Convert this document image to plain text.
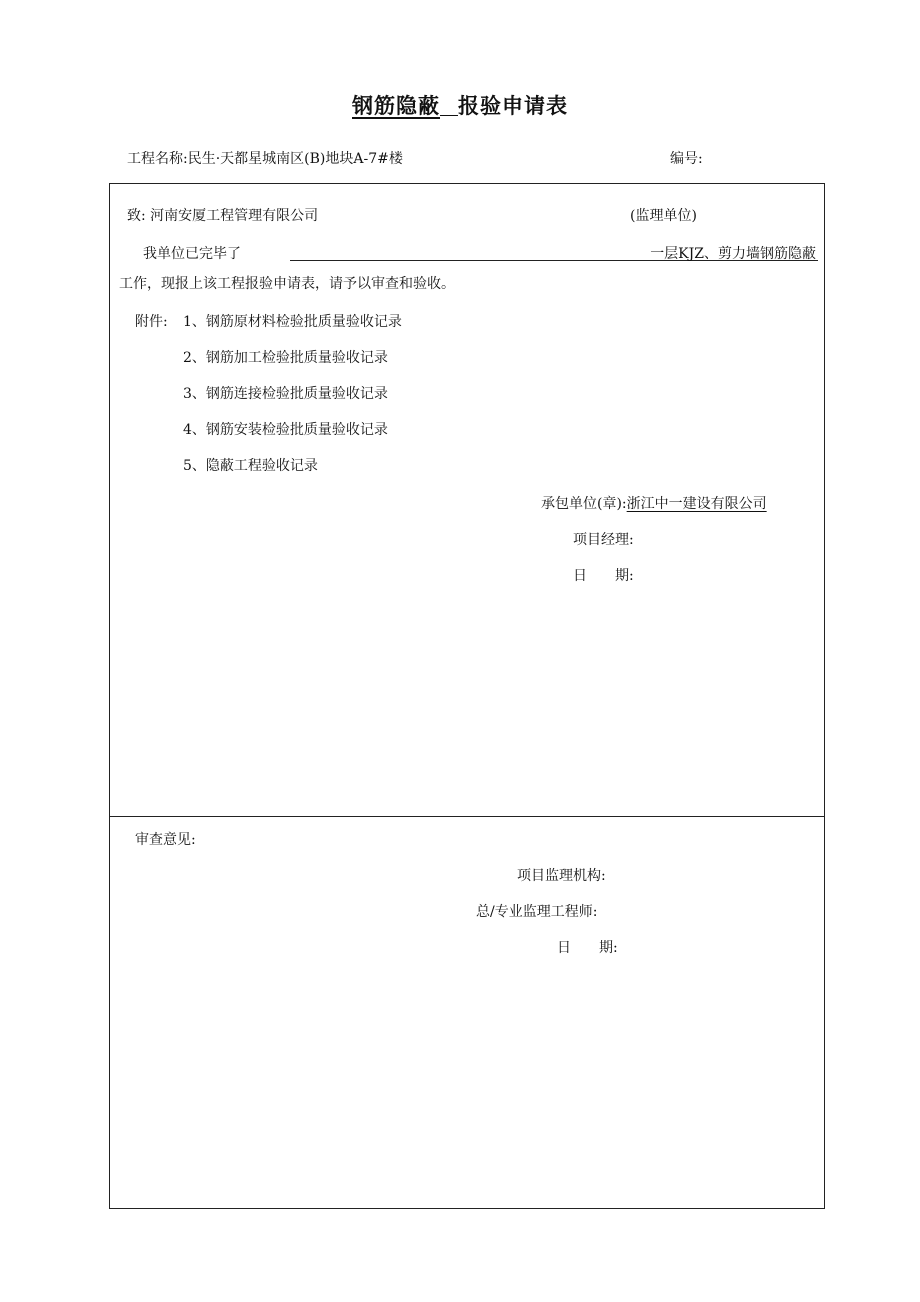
钢筋隐蔽 报验申请表
工程名称:民生·天都星城南区(B)地块A-7#楼	编号:
致: 河南安厦工程管理有限公司	(监理单位)
我单位已完毕了	一层KJZ、剪力墙钢筋隐蔽
工作，现报上该工程报验申请表，请予以审查和验收。
附件: 1、钢筋原材料检验批质量验收记录
2、钢筋加工检验批质量验收记录
3、钢筋连接检验批质量验收记录
4、钢筋安装检验批质量验收记录
5、隐蔽工程验收记录
承包单位(章):浙江中一建设有限公司
项目经理:
日　　期:
审查意见:
项目监理机构:
总/专业监理工程师:
日　　期:
